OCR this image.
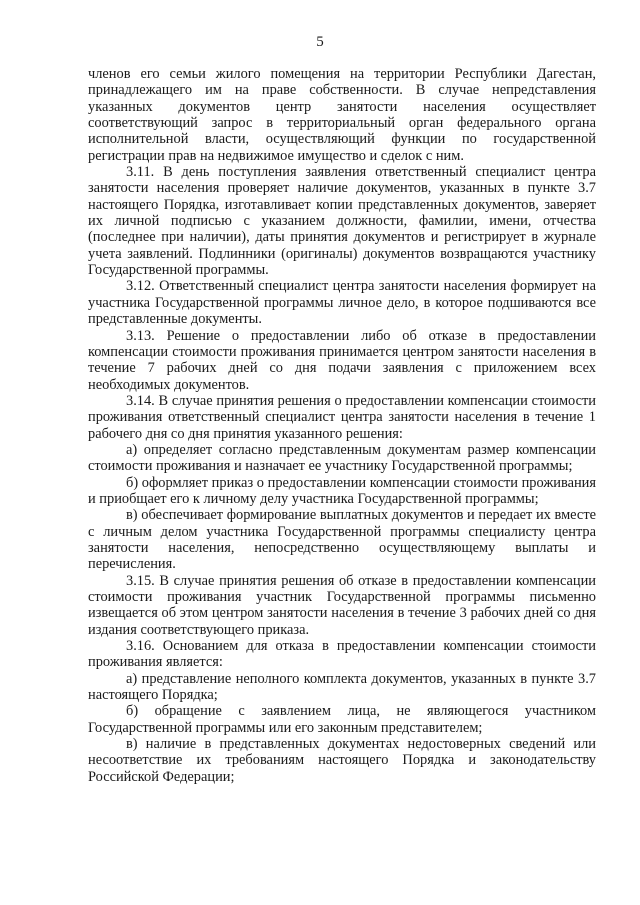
5

членов его семьи жилого помещения на территории Республики Дагестан, принадлежащего им на праве собственности. В случае непредставления указанных документов центр занятости населения осуществляет соответствующий запрос в территориальный орган федерального органа исполнительной власти, осуществляющий функции по государственной регистрации прав на недвижимое имущество и сделок с ним.

3.11. В день поступления заявления ответственный специалист центра занятости населения проверяет наличие документов, указанных в пункте 3.7 настоящего Порядка, изготавливает копии представленных документов, заверяет их личной подписью с указанием должности, фамилии, имени, отчества (последнее при наличии), даты принятия документов и регистрирует в журнале учета заявлений. Подлинники (оригиналы) документов возвращаются участнику Государственной программы.

3.12. Ответственный специалист центра занятости населения формирует на участника Государственной программы личное дело, в которое подшиваются все представленные документы.

3.13. Решение о предоставлении либо об отказе в предоставлении компенсации стоимости проживания принимается центром занятости населения в течение 7 рабочих дней со дня подачи заявления с приложением всех необходимых документов.

3.14. В случае принятия решения о предоставлении компенсации стоимости проживания ответственный специалист центра занятости населения в течение 1 рабочего дня со дня принятия указанного решения:

а) определяет согласно представленным документам размер компенсации стоимости проживания и назначает ее участнику Государственной программы;

б) оформляет приказ о предоставлении компенсации стоимости проживания и приобщает его к личному делу участника Государственной программы;

в) обеспечивает формирование выплатных документов и передает их вместе с личным делом участника Государственной программы специалисту центра занятости населения, непосредственно осуществляющему выплаты и перечисления.

3.15. В случае принятия решения об отказе в предоставлении компенсации стоимости проживания участник Государственной программы письменно извещается об этом центром занятости населения в течение 3 рабочих дней со дня издания соответствующего приказа.

3.16. Основанием для отказа в предоставлении компенсации стоимости проживания является:

а) представление неполного комплекта документов, указанных в пункте 3.7 настоящего Порядка;

б) обращение с заявлением лица, не являющегося участником Государственной программы или его законным представителем;

в) наличие в представленных документах недостоверных сведений или несоответствие их требованиям настоящего Порядка и законодательству Российской Федерации;
